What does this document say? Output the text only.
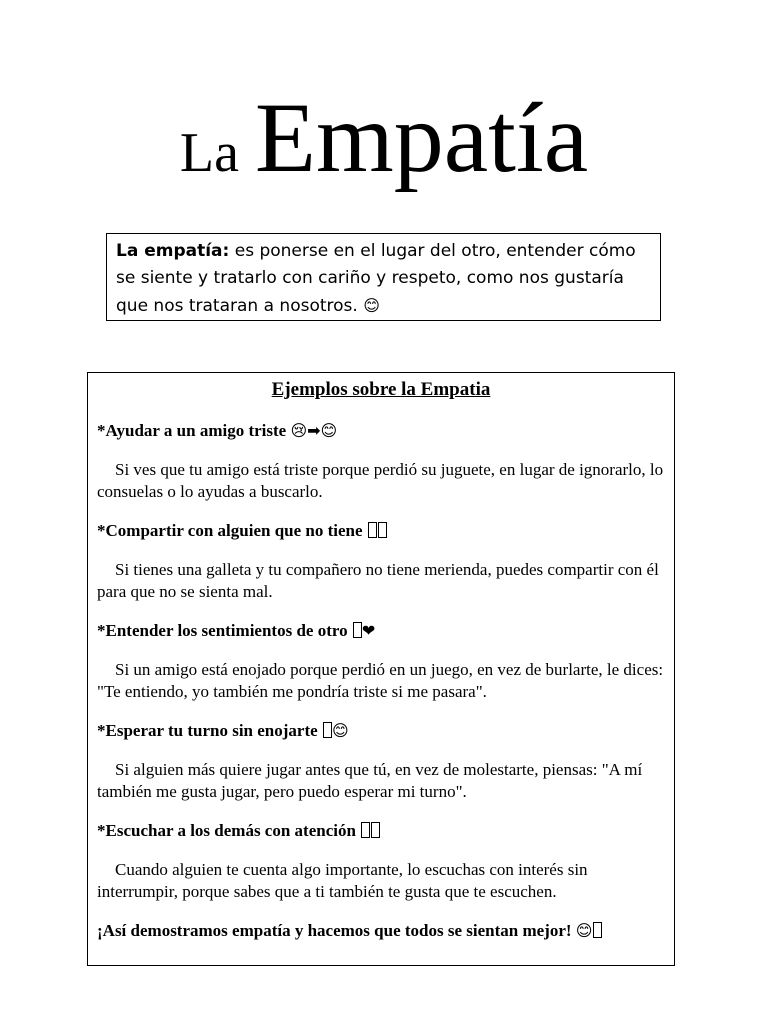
La Empatía
La empatía: es ponerse en el lugar del otro, entender cómo se siente y tratarlo con cariño y respeto, como nos gustaría que nos trataran a nosotros. 😊
Ejemplos sobre la Empatia
*Ayudar a un amigo triste 😢➡😊
Si ves que tu amigo está triste porque perdió su juguete, en lugar de ignorarlo, lo consuelas o lo ayudas a buscarlo.
*Compartir con alguien que no tiene
Si tienes una galleta y tu compañero no tiene merienda, puedes compartir con él para que no se sienta mal.
*Entender los sentimientos de otro ❤
Si un amigo está enojado porque perdió en un juego, en vez de burlarte, le dices: "Te entiendo, yo también me pondría triste si me pasara".
*Esperar tu turno sin enojarte 😊
Si alguien más quiere jugar antes que tú, en vez de molestarte, piensas: "A mí también me gusta jugar, pero puedo esperar mi turno".
*Escuchar a los demás con atención
Cuando alguien te cuenta algo importante, lo escuchas con interés sin interrumpir, porque sabes que a ti también te gusta que te escuchen.
¡Así demostramos empatía y hacemos que todos se sientan mejor! 😊
